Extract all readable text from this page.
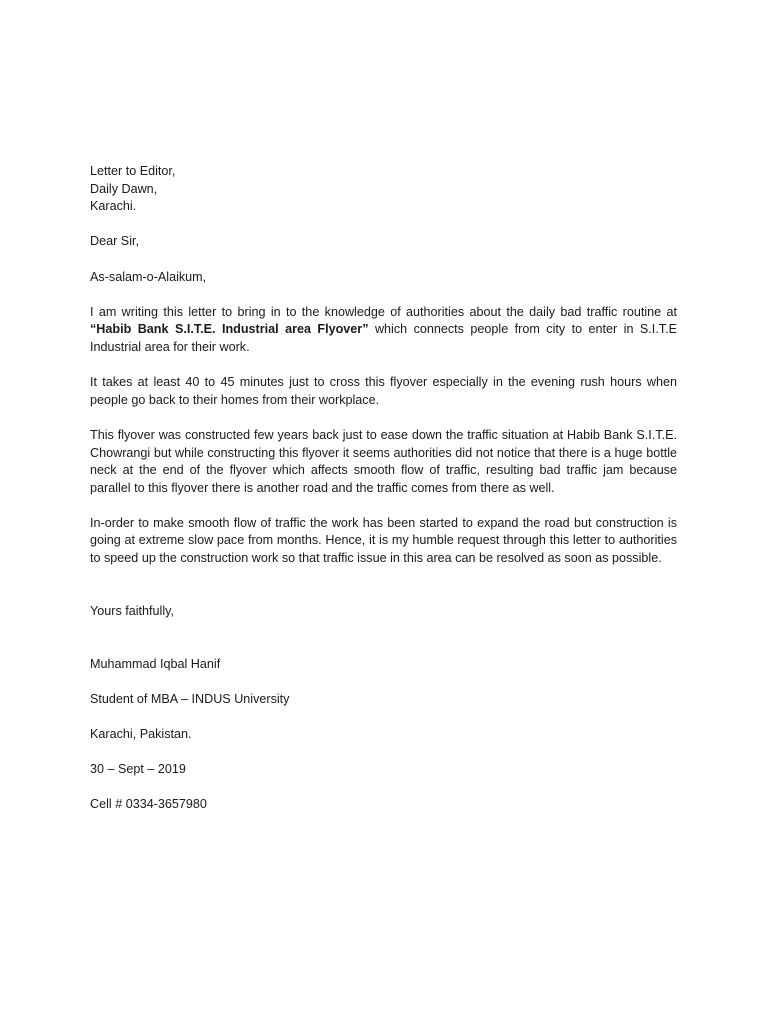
Letter to Editor,
Daily Dawn,
Karachi.
Dear Sir,
As-salam-o-Alaikum,

I am writing this letter to bring in to the knowledge of authorities about the daily bad traffic routine at “Habib Bank S.I.T.E. Industrial area Flyover” which connects people from city to enter in S.I.T.E Industrial area for their work.

It takes at least 40 to 45 minutes just to cross this flyover especially in the evening rush hours when people go back to their homes from their workplace.

This flyover was constructed few years back just to ease down the traffic situation at Habib Bank S.I.T.E. Chowrangi but while constructing this flyover it seems authorities did not notice that there is a huge bottle neck at the end of the flyover which affects smooth flow of traffic, resulting bad traffic jam because parallel to this flyover there is another road and the traffic comes from there as well.

In-order to make smooth flow of traffic the work has been started to expand the road but construction is going at extreme slow pace from months. Hence, it is my humble request through this letter to authorities to speed up the construction work so that traffic issue in this area can be resolved as soon as possible.

Yours faithfully,
Muhammad Iqbal Hanif
Student of MBA – INDUS University
Karachi, Pakistan.
30 – Sept – 2019
Cell # 0334-3657980
